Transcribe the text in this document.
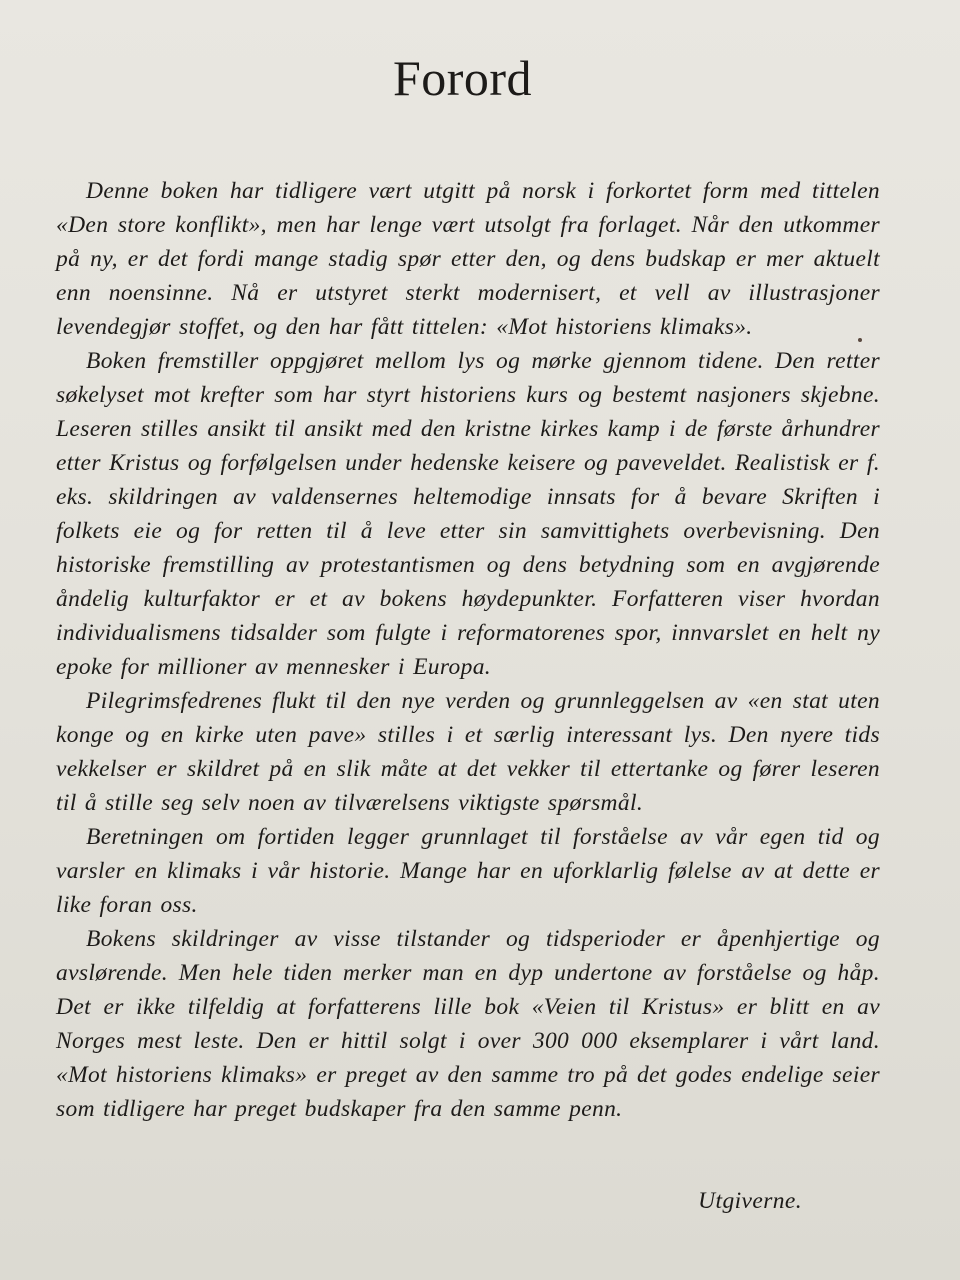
Forord

Denne boken har tidligere vært utgitt på norsk i forkortet form med tittelen «Den store konflikt», men har lenge vært utsolgt fra forlaget. Når den utkommer på ny, er det fordi mange stadig spør etter den, og dens budskap er mer aktuelt enn noensinne. Nå er utstyret sterkt modernisert, et vell av illustrasjoner levendegjør stoffet, og den har fått tittelen: «Mot historiens klimaks».

Boken fremstiller oppgjøret mellom lys og mørke gjennom tidene. Den retter søkelyset mot krefter som har styrt historiens kurs og bestemt nasjoners skjebne. Leseren stilles ansikt til ansikt med den kristne kirkes kamp i de første århundrer etter Kristus og forfølgelsen under hedenske keisere og paveveldet. Realistisk er f. eks. skildringen av valdensernes heltemodige innsats for å bevare Skriften i folkets eie og for retten til å leve etter sin samvittighets overbevisning. Den historiske fremstilling av protestantismen og dens betydning som en avgjørende åndelig kulturfaktor er et av bokens høydepunkter. Forfatteren viser hvordan individualismens tidsalder som fulgte i reformatorenes spor, innvarslet en helt ny epoke for millioner av mennesker i Europa.

Pilegrimsfedrenes flukt til den nye verden og grunnleggelsen av «en stat uten konge og en kirke uten pave» stilles i et særlig interessant lys. Den nyere tids vekkelser er skildret på en slik måte at det vekker til ettertanke og fører leseren til å stille seg selv noen av tilværelsens viktigste spørsmål.

Beretningen om fortiden legger grunnlaget til forståelse av vår egen tid og varsler en klimaks i vår historie. Mange har en uforklarlig følelse av at dette er like foran oss.

Bokens skildringer av visse tilstander og tidsperioder er åpenhjertige og avslørende. Men hele tiden merker man en dyp undertone av forståelse og håp. Det er ikke tilfeldig at forfatterens lille bok «Veien til Kristus» er blitt en av Norges mest leste. Den er hittil solgt i over 300 000 eksemplarer i vårt land. «Mot historiens klimaks» er preget av den samme tro på det godes endelige seier som tidligere har preget budskaper fra den samme penn.

Utgiverne.
